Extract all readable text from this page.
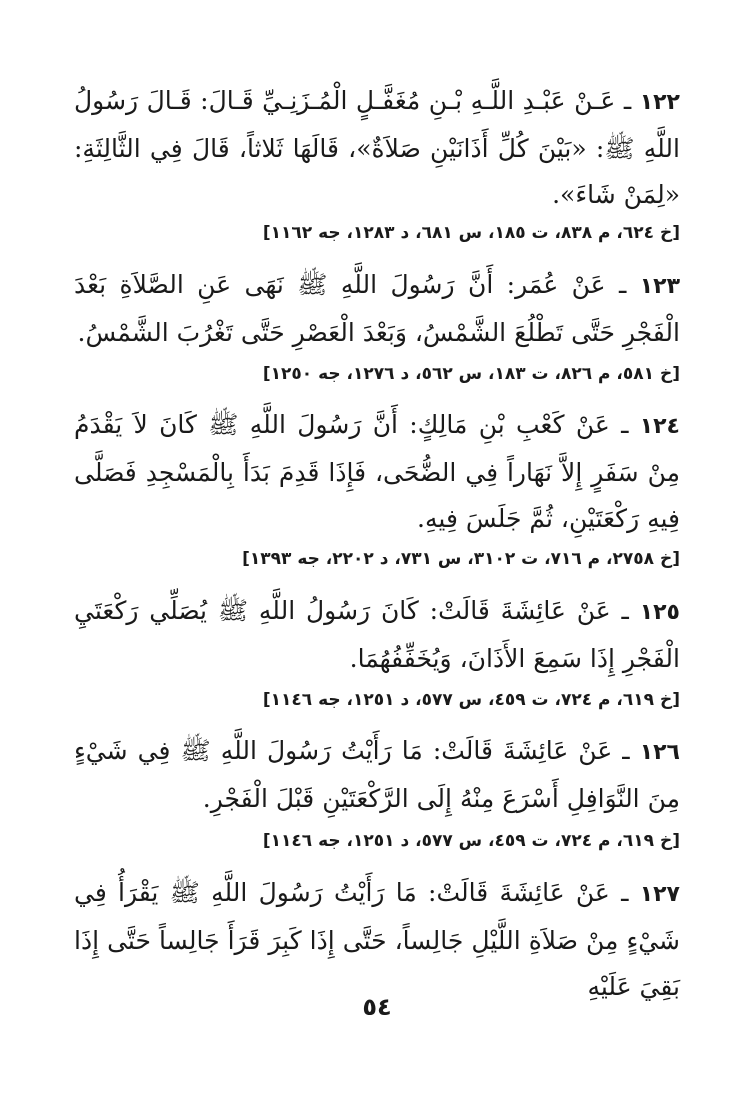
١٢٢ ـ عَـنْ عَبْـدِ اللَّـهِ بْـنِ مُغَفَّـلٍ الْمُـزَنِـيِّ قَـالَ: قَـالَ رَسُولُ اللَّهِ ﷺ: «بَيْنَ كُلِّ أَذَانَيْنِ صَلاَةٌ»، قَالَهَا ثَلاثاً، قَالَ فِي الثَّالِثَةِ: «لِمَنْ شَاءَ».

[خ ٦٢٤، م ٨٣٨، ت ١٨٥، س ٦٨١، د ١٢٨٣، جه ١١٦٢]

١٢٣ ـ عَنْ عُمَر: أَنَّ رَسُولَ اللَّهِ ﷺ نَهَى عَنِ الصَّلاَةِ بَعْدَ الْفَجْرِ حَتَّى تَطْلُعَ الشَّمْسُ، وَبَعْدَ الْعَصْرِ حَتَّى تَغْرُبَ الشَّمْسُ.

[خ ٥٨١، م ٨٢٦، ت ١٨٣، س ٥٦٢، د ١٢٧٦، جه ١٢٥٠]

١٢٤ ـ عَنْ كَعْبِ بْنِ مَالِكٍ: أَنَّ رَسُولَ اللَّهِ ﷺ كَانَ لاَ يَقْدَمُ مِنْ سَفَرٍ إِلاَّ نَهَاراً فِي الضُّحَى، فَإِذَا قَدِمَ بَدَأَ بِالْمَسْجِدِ فَصَلَّى فِيهِ رَكْعَتَيْنِ، ثُمَّ جَلَسَ فِيهِ.

[خ ٢٧٥٨، م ٧١٦، ت ٣١٠٢، س ٧٣١، د ٢٢٠٢، جه ١٣٩٣]

١٢٥ ـ عَنْ عَائِشَةَ قَالَتْ: كَانَ رَسُولُ اللَّهِ ﷺ يُصَلِّي رَكْعَتَيِ الْفَجْرِ إِذَا سَمِعَ الأَذَانَ، وَيُخَفِّفُهُمَا.

[خ ٦١٩، م ٧٢٤، ت ٤٥٩، س ٥٧٧، د ١٢٥١، جه ١١٤٦]

١٢٦ ـ عَنْ عَائِشَةَ قَالَتْ: مَا رَأَيْتُ رَسُولَ اللَّهِ ﷺ فِي شَيْءٍ مِنَ النَّوَافِلِ أَسْرَعَ مِنْهُ إِلَى الرَّكْعَتَيْنِ قَبْلَ الْفَجْرِ.

[خ ٦١٩، م ٧٢٤، ت ٤٥٩، س ٥٧٧، د ١٢٥١، جه ١١٤٦]

١٢٧ ـ عَنْ عَائِشَةَ قَالَتْ: مَا رَأَيْتُ رَسُولَ اللَّهِ ﷺ يَقْرَأُ فِي شَيْءٍ مِنْ صَلاَةِ اللَّيْلِ جَالِساً، حَتَّى إِذَا كَبِرَ قَرَأَ جَالِساً حَتَّى إِذَا بَقِيَ عَلَيْهِ

٥٤
